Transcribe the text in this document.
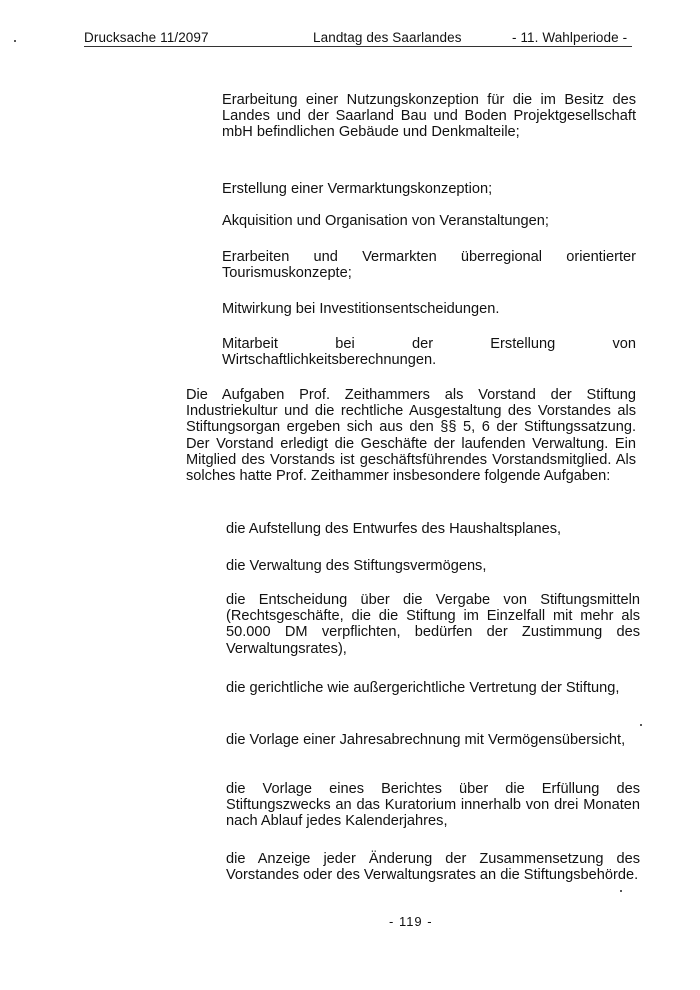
Drucksache 11/2097	Landtag des Saarlandes	- 11. Wahlperiode -
Erarbeitung einer Nutzungskonzeption für die im Besitz des Landes und der Saarland Bau und Boden Projektgesellschaft mbH befindlichen Gebäude und Denkmalteile;
Erstellung einer Vermarktungskonzeption;
Akquisition und Organisation von Veranstaltungen;
Erarbeiten und Vermarkten überregional orientierter Tourismuskonzepte;
Mitwirkung bei Investitionsentscheidungen.
Mitarbeit bei der Erstellung von Wirtschaftlichkeitsberechnungen.
Die Aufgaben Prof. Zeithammers als Vorstand der Stiftung Industriekultur und die rechtliche Ausgestaltung des Vorstandes als Stiftungsorgan ergeben sich aus den §§ 5, 6 der Stiftungssatzung. Der Vorstand erledigt die Geschäfte der laufenden Verwaltung. Ein Mitglied des Vorstands ist geschäftsführendes Vorstandsmitglied. Als solches hatte Prof. Zeithammer insbesondere folgende Aufgaben:
die Aufstellung des Entwurfes des Haushaltsplanes,
die Verwaltung des Stiftungsvermögens,
die Entscheidung über die Vergabe von Stiftungsmitteln (Rechtsgeschäfte, die die Stiftung im Einzelfall mit mehr als 50.000 DM verpflichten, bedürfen der Zustimmung des Verwaltungsrates),
die gerichtliche wie außergerichtliche Vertretung der Stiftung,
die Vorlage einer Jahresabrechnung mit Vermögensübersicht,
die Vorlage eines Berichtes über die Erfüllung des Stiftungszwecks an das Kuratorium innerhalb von drei Monaten nach Ablauf jedes Kalenderjahres,
die Anzeige jeder Änderung der Zusammensetzung des Vorstandes oder des Verwaltungsrates an die Stiftungsbehörde.
- 119 -
